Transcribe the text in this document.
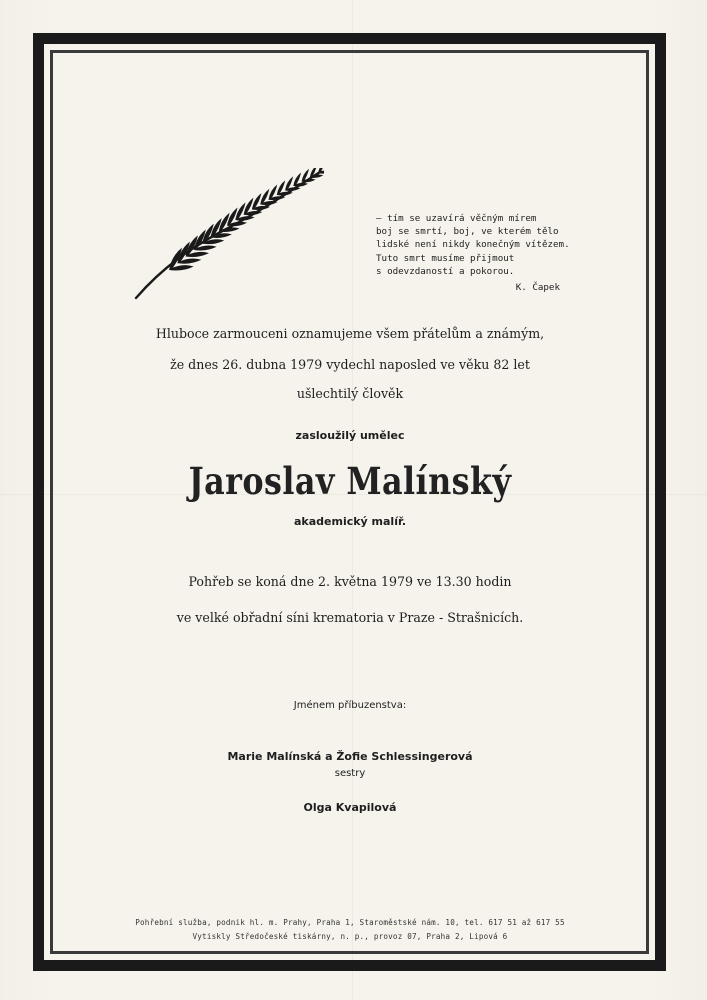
— tím se uzavírá věčným mírem
boj se smrtí, boj, ve kterém tělo
lidské není nikdy konečným vítězem.
Tuto smrt musíme přijmout
s odevzdaností a pokorou.
K. Čapek
Hluboce zarmouceni oznamujeme všem přátelům a známým,
že dnes 26. dubna 1979 vydechl naposled ve věku 82 let
ušlechtilý člověk
zasloužilý umělec
Jaroslav Malínský
akademický malíř.
Pohřeb se koná dne 2. května 1979 ve 13.30 hodin
ve velké obřadní síni krematoria v Praze - Strašnicích.
Jménem příbuzenstva:
Marie Malínská a Žofie Schlessingerová
sestry
Olga Kvapilová
Pohřební služba, podnik hl. m. Prahy, Praha 1, Staroměstské nám. 10, tel. 617 51 až 617 55
Vytiskly Středočeské tiskárny, n. p., provoz 07, Praha 2, Lipová 6
